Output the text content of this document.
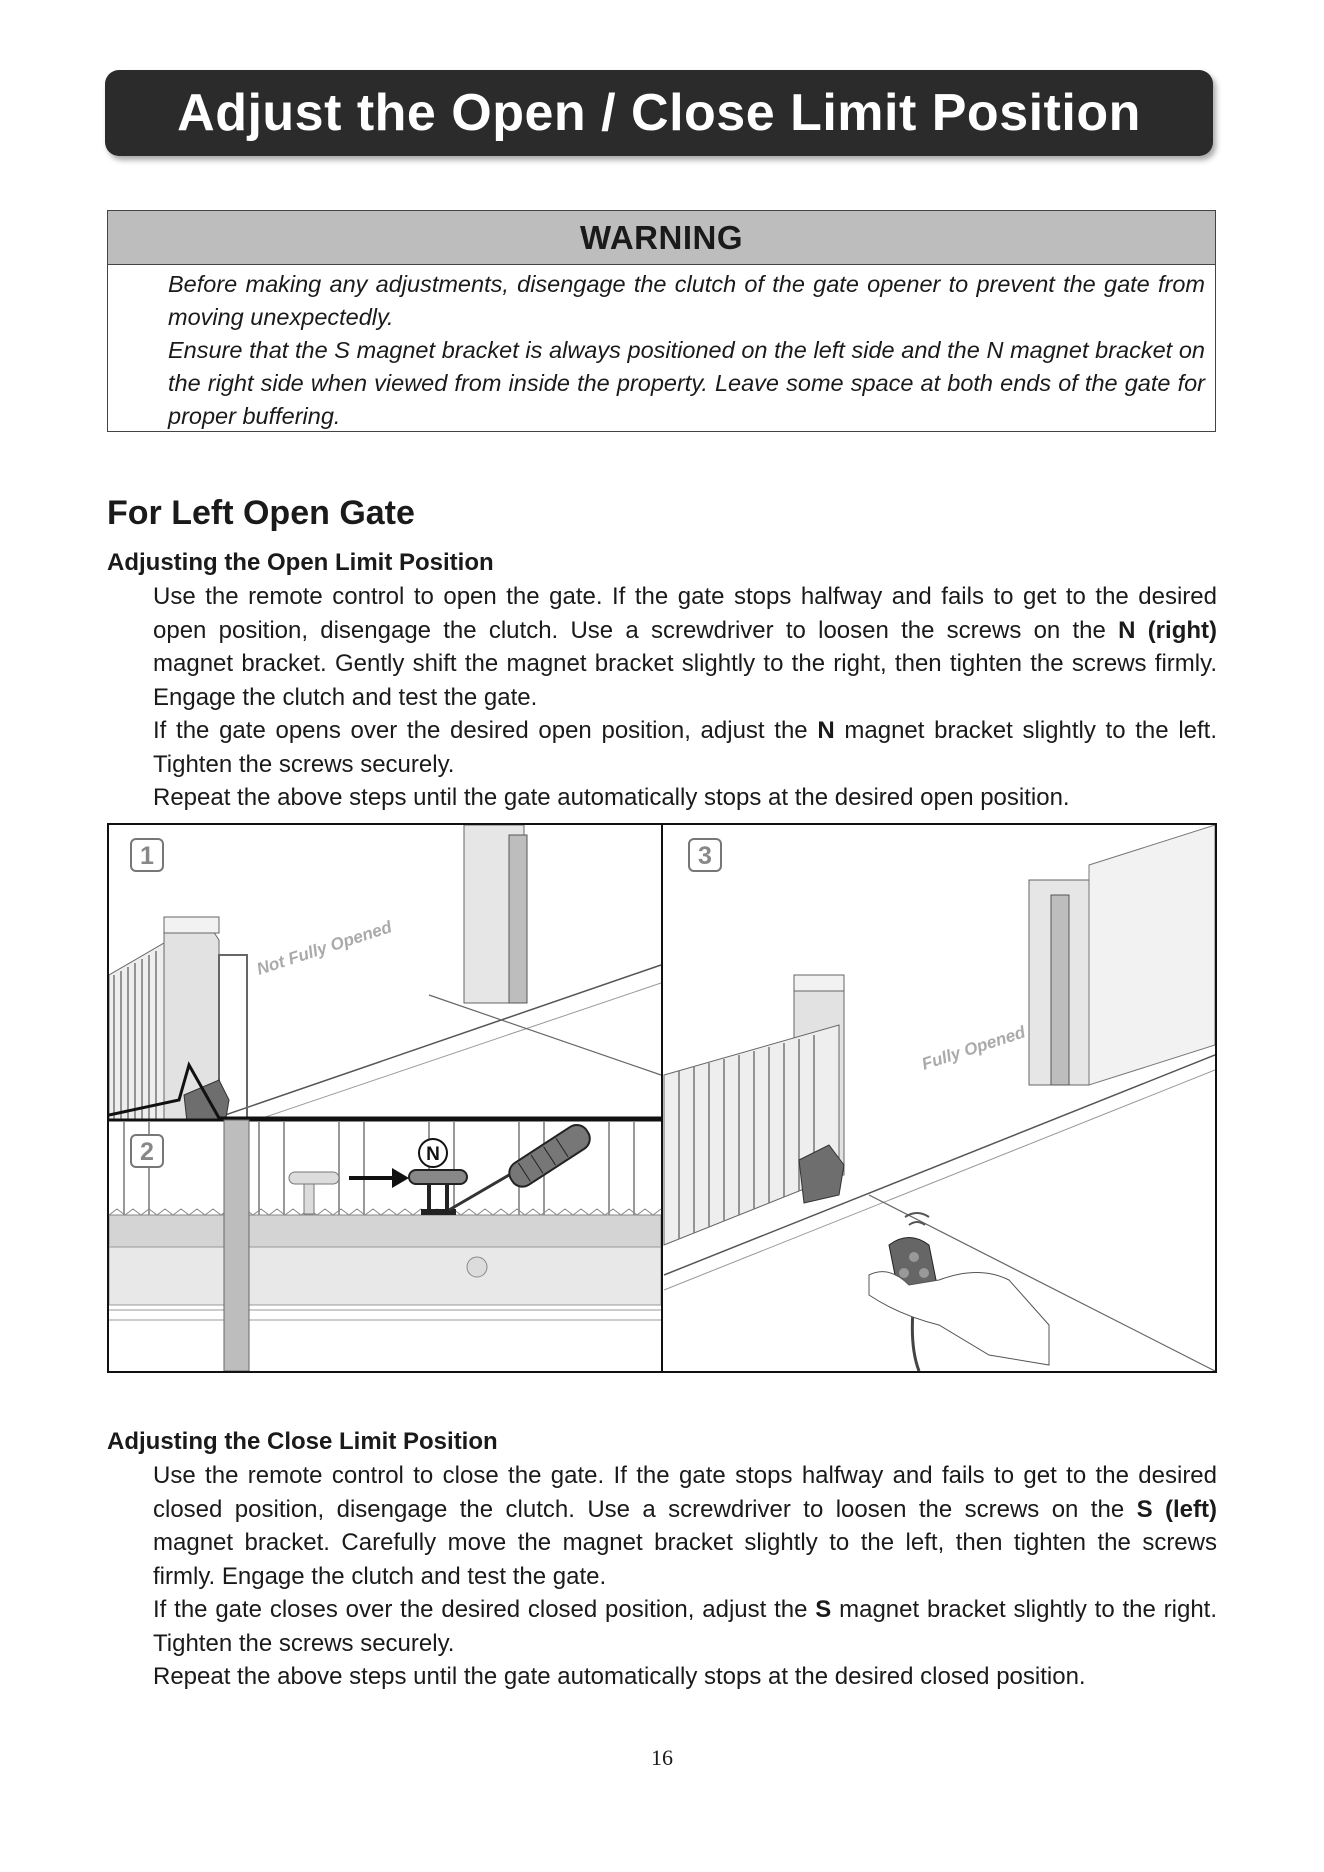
Adjust the Open / Close Limit Position
WARNING

Before making any adjustments, disengage the clutch of the gate opener to prevent the gate from moving unexpectedly.

Ensure that the S magnet bracket is always positioned on the left side and the N magnet bracket on the right side when viewed from inside the property. Leave some space at both ends of the gate for proper buffering.

For Left Open Gate
Adjusting the Open Limit Position

Use the remote control to open the gate. If the gate stops halfway and fails to get to the desired open position, disengage the clutch. Use a screwdriver to loosen the screws on the N (right) magnet bracket. Gently shift the magnet bracket slightly to the right, then tighten the screws firmly. Engage the clutch and test the gate.

If the gate opens over the desired open position, adjust the N magnet bracket slightly to the left. Tighten the screws securely.

Repeat the above steps until the gate automatically stops at the desired open position.

Not Fully Opened
N
Fully Opened
1
2
3
Adjusting the Close Limit Position

Use the remote control to close the gate. If the gate stops halfway and fails to get to the desired closed position, disengage the clutch. Use a screwdriver to loosen the screws on the S (left) magnet bracket. Carefully move the magnet bracket slightly to the left, then tighten the screws firmly. Engage the clutch and test the gate.

If the gate closes over the desired closed position, adjust the S magnet bracket slightly to the right. Tighten the screws securely.

Repeat the above steps until the gate automatically stops at the desired closed position.

16
